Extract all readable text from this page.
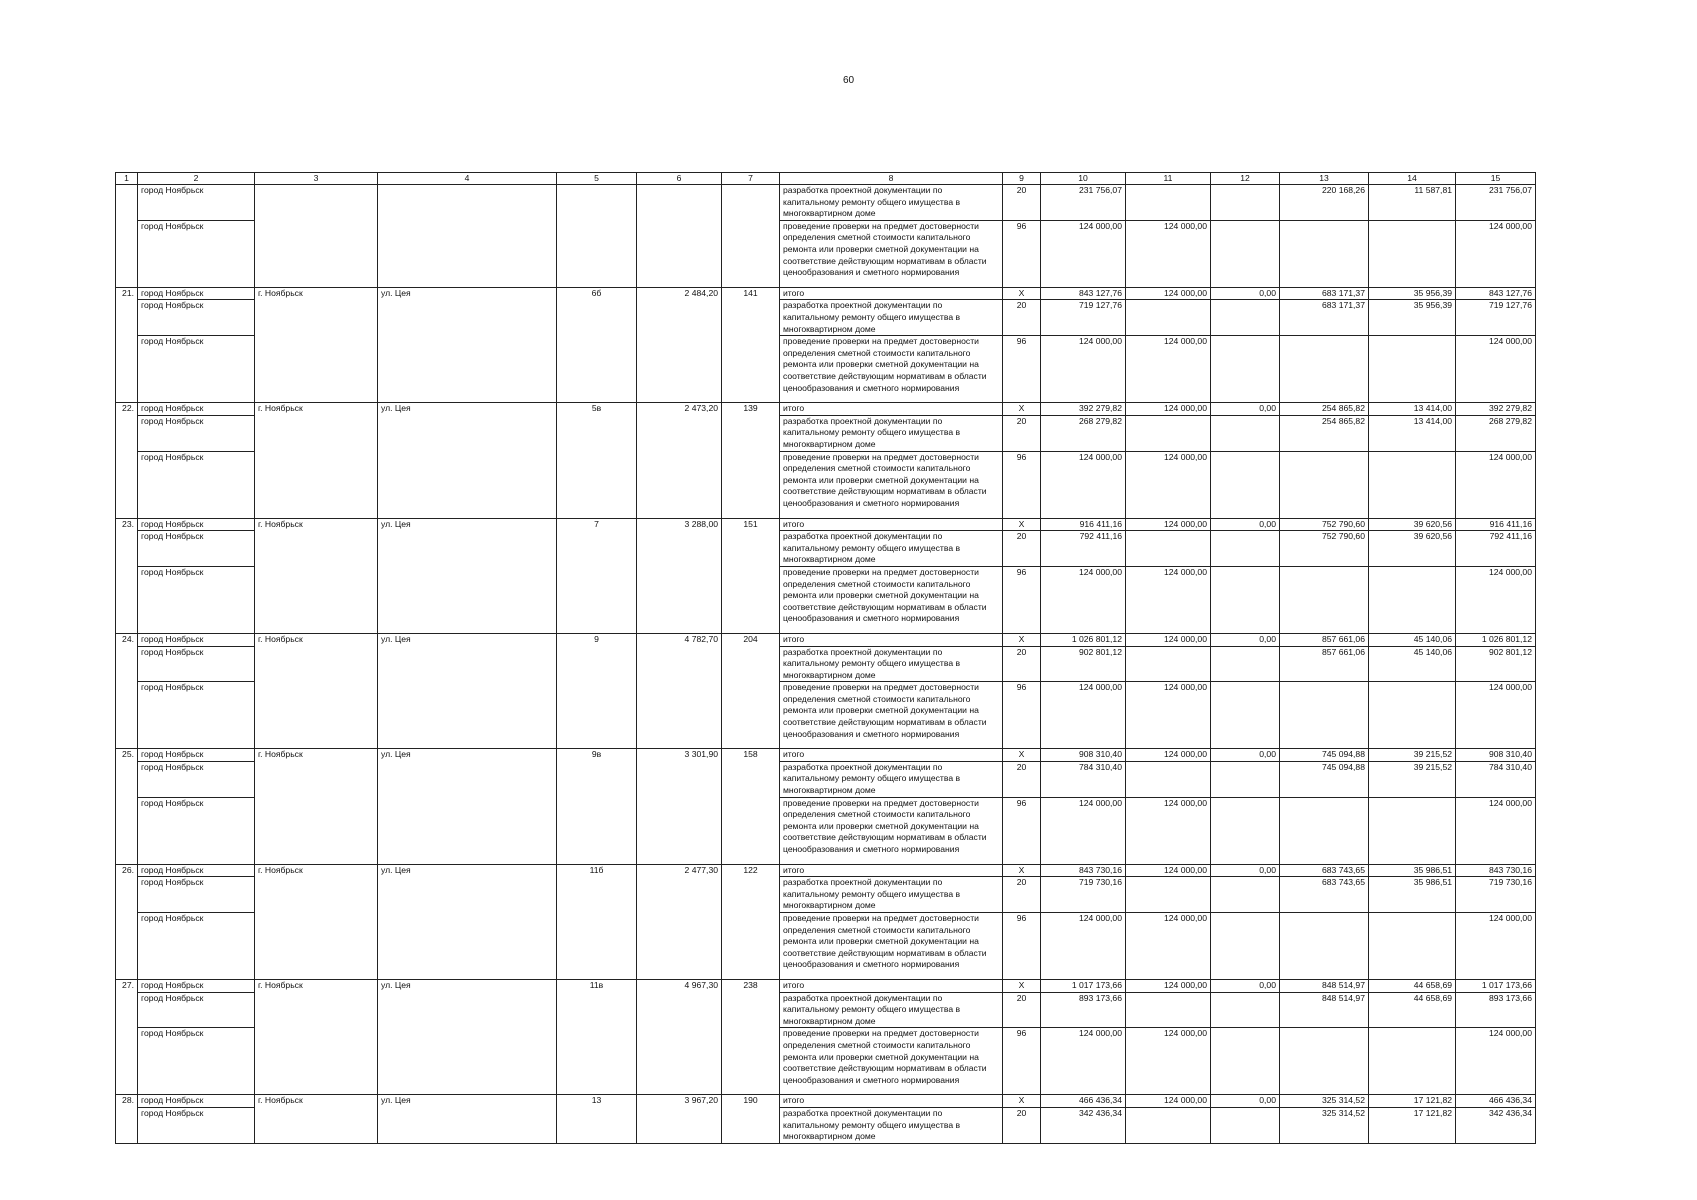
60
1	2	3	4	5	6	7	8	9	10	11	12	13	14	15
	город Ноябрьск						разработка проектной документации по капитальному ремонту общего имущества в многоквартирном доме	20	231 756,07			220 168,26	11 587,81	231 756,07
	город Ноябрьск						проведение проверки на предмет достоверности определения сметной стоимости капитального ремонта или проверки сметной документации на соответствие действующим нормативам в области ценообразования и сметного нормирования	96	124 000,00	124 000,00				124 000,00
21.	город Ноябрьск	г. Ноябрьск	ул. Цея	6б	2 484,20	141	итого	Х	843 127,76	124 000,00	0,00	683 171,37	35 956,39	843 127,76
	город Ноябрьск						разработка проектной документации по капитальному ремонту общего имущества в многоквартирном доме	20	719 127,76			683 171,37	35 956,39	719 127,76
	город Ноябрьск						проведение проверки на предмет достоверности определения сметной стоимости капитального ремонта или проверки сметной документации на соответствие действующим нормативам в области ценообразования и сметного нормирования	96	124 000,00	124 000,00				124 000,00
22.	город Ноябрьск	г. Ноябрьск	ул. Цея	5в	2 473,20	139	итого	Х	392 279,82	124 000,00	0,00	254 865,82	13 414,00	392 279,82
	город Ноябрьск						разработка проектной документации по капитальному ремонту общего имущества в многоквартирном доме	20	268 279,82			254 865,82	13 414,00	268 279,82
	город Ноябрьск						проведение проверки на предмет достоверности определения сметной стоимости капитального ремонта или проверки сметной документации на соответствие действующим нормативам в области ценообразования и сметного нормирования	96	124 000,00	124 000,00				124 000,00
23.	город Ноябрьск	г. Ноябрьск	ул. Цея	7	3 288,00	151	итого	Х	916 411,16	124 000,00	0,00	752 790,60	39 620,56	916 411,16
	город Ноябрьск						разработка проектной документации по капитальному ремонту общего имущества в многоквартирном доме	20	792 411,16			752 790,60	39 620,56	792 411,16
	город Ноябрьск						проведение проверки на предмет достоверности определения сметной стоимости капитального ремонта или проверки сметной документации на соответствие действующим нормативам в области ценообразования и сметного нормирования	96	124 000,00	124 000,00				124 000,00
24.	город Ноябрьск	г. Ноябрьск	ул. Цея	9	4 782,70	204	итого	Х	1 026 801,12	124 000,00	0,00	857 661,06	45 140,06	1 026 801,12
	город Ноябрьск						разработка проектной документации по капитальному ремонту общего имущества в многоквартирном доме	20	902 801,12			857 661,06	45 140,06	902 801,12
	город Ноябрьск						проведение проверки на предмет достоверности определения сметной стоимости капитального ремонта или проверки сметной документации на соответствие действующим нормативам в области ценообразования и сметного нормирования	96	124 000,00	124 000,00				124 000,00
25.	город Ноябрьск	г. Ноябрьск	ул. Цея	9в	3 301,90	158	итого	Х	908 310,40	124 000,00	0,00	745 094,88	39 215,52	908 310,40
	город Ноябрьск						разработка проектной документации по капитальному ремонту общего имущества в многоквартирном доме	20	784 310,40			745 094,88	39 215,52	784 310,40
	город Ноябрьск						проведение проверки на предмет достоверности определения сметной стоимости капитального ремонта или проверки сметной документации на соответствие действующим нормативам в области ценообразования и сметного нормирования	96	124 000,00	124 000,00				124 000,00
26.	город Ноябрьск	г. Ноябрьск	ул. Цея	11б	2 477,30	122	итого	Х	843 730,16	124 000,00	0,00	683 743,65	35 986,51	843 730,16
	город Ноябрьск						разработка проектной документации по капитальному ремонту общего имущества в многоквартирном доме	20	719 730,16			683 743,65	35 986,51	719 730,16
	город Ноябрьск						проведение проверки на предмет достоверности определения сметной стоимости капитального ремонта или проверки сметной документации на соответствие действующим нормативам в области ценообразования и сметного нормирования	96	124 000,00	124 000,00				124 000,00
27.	город Ноябрьск	г. Ноябрьск	ул. Цея	11в	4 967,30	238	итого	Х	1 017 173,66	124 000,00	0,00	848 514,97	44 658,69	1 017 173,66
	город Ноябрьск						разработка проектной документации по капитальному ремонту общего имущества в многоквартирном доме	20	893 173,66			848 514,97	44 658,69	893 173,66
	город Ноябрьск						проведение проверки на предмет достоверности определения сметной стоимости капитального ремонта или проверки сметной документации на соответствие действующим нормативам в области ценообразования и сметного нормирования	96	124 000,00	124 000,00				124 000,00
28.	город Ноябрьск	г. Ноябрьск	ул. Цея	13	3 967,20	190	итого	Х	466 436,34	124 000,00	0,00	325 314,52	17 121,82	466 436,34
	город Ноябрьск						разработка проектной документации по капитальному ремонту общего имущества в многоквартирном доме	20	342 436,34			325 314,52	17 121,82	342 436,34
